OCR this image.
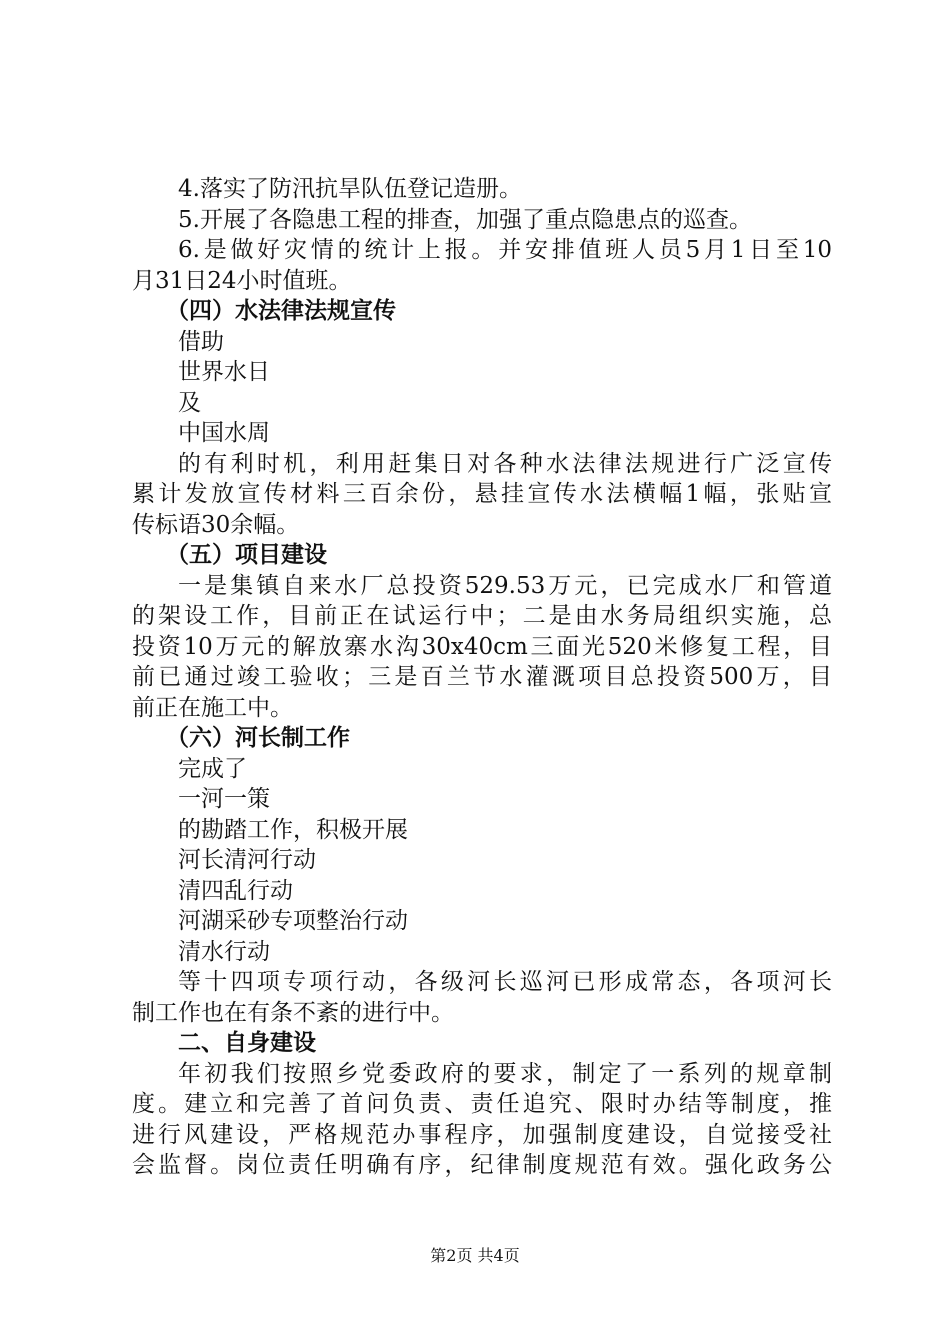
4.落实了防汛抗旱队伍登记造册。
5.开展了各隐患工程的排查，加强了重点隐患点的巡查。
6.是做好灾情的统计上报。并安排值班人员5月1日至10
月31日24小时值班。
（四）水法律法规宣传
借助
世界水日
及
中国水周
的有利时机，利用赶集日对各种水法律法规进行广泛宣传
累计发放宣传材料三百余份，悬挂宣传水法横幅1幅，张贴宣
传标语30余幅。
（五）项目建设
一是集镇自来水厂总投资529.53万元，已完成水厂和管道
的架设工作，目前正在试运行中；二是由水务局组织实施，总
投资10万元的解放寨水沟30x40cm三面光520米修复工程，目
前已通过竣工验收；三是百兰节水灌溉项目总投资500万，目
前正在施工中。
（六）河长制工作
完成了
一河一策
的勘踏工作，积极开展
河长清河行动
清四乱行动
河湖采砂专项整治行动
清水行动
等十四项专项行动，各级河长巡河已形成常态，各项河长
制工作也在有条不紊的进行中。
二、自身建设
年初我们按照乡党委政府的要求，制定了一系列的规章制
度。建立和完善了首问负责、责任追究、限时办结等制度，推
进行风建设，严格规范办事程序，加强制度建设，自觉接受社
会监督。岗位责任明确有序，纪律制度规范有效。强化政务公
第2页 共4页
